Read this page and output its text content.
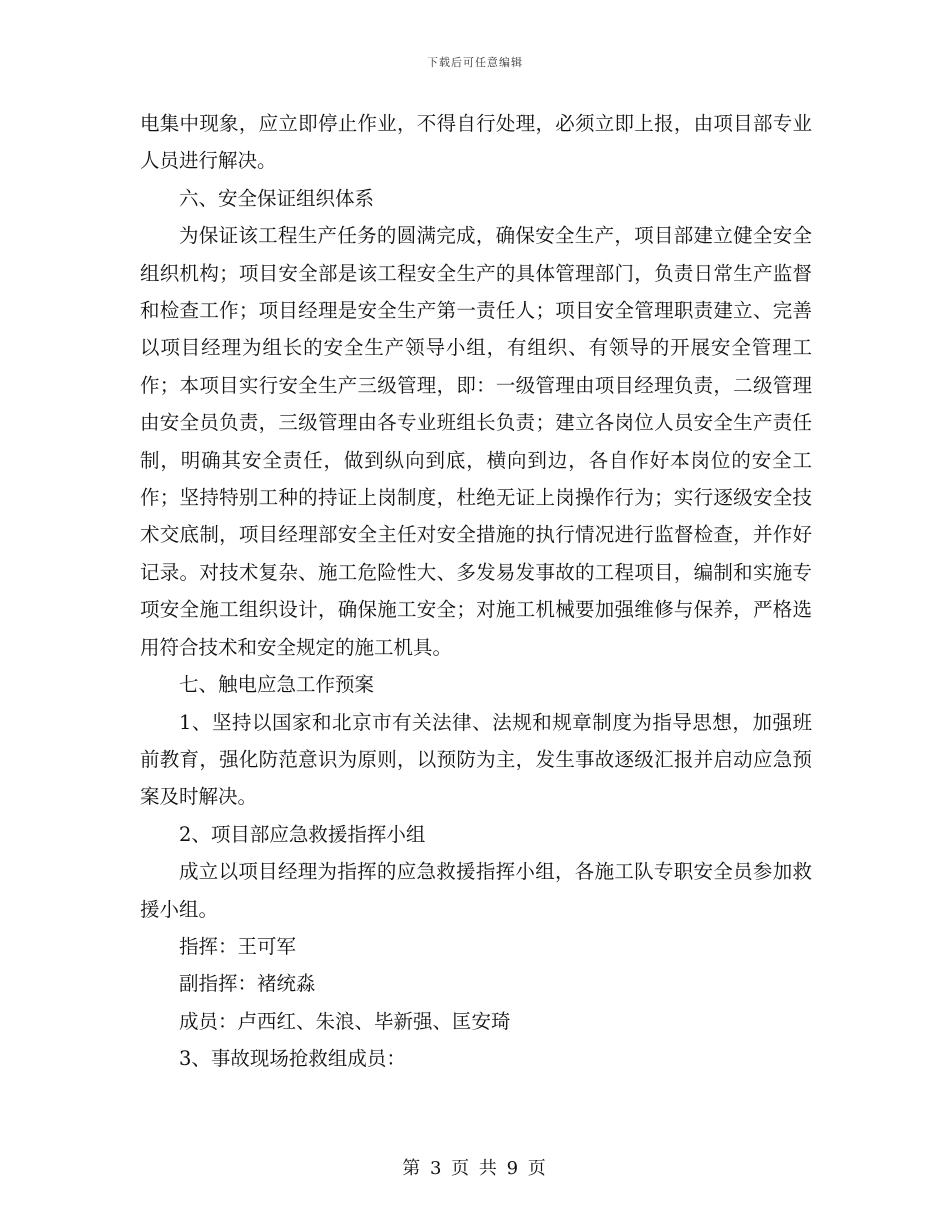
下载后可任意编辑

电集中现象，应立即停止作业，不得自行处理，必须立即上报，由项目部专业人员进行解决。

六、安全保证组织体系

为保证该工程生产任务的圆满完成，确保安全生产，项目部建立健全安全组织机构；项目安全部是该工程安全生产的具体管理部门，负责日常生产监督和检查工作；项目经理是安全生产第一责任人；项目安全管理职责建立、完善以项目经理为组长的安全生产领导小组，有组织、有领导的开展安全管理工作；本项目实行安全生产三级管理，即：一级管理由项目经理负责，二级管理由安全员负责，三级管理由各专业班组长负责；建立各岗位人员安全生产责任制，明确其安全责任，做到纵向到底，横向到边，各自作好本岗位的安全工作；坚持特别工种的持证上岗制度，杜绝无证上岗操作行为；实行逐级安全技术交底制，项目经理部安全主任对安全措施的执行情况进行监督检查，并作好记录。对技术复杂、施工危险性大、多发易发事故的工程项目，编制和实施专项安全施工组织设计，确保施工安全；对施工机械要加强维修与保养，严格选用符合技术和安全规定的施工机具。

七、触电应急工作预案

1、坚持以国家和北京市有关法律、法规和规章制度为指导思想，加强班前教育，强化防范意识为原则，以预防为主，发生事故逐级汇报并启动应急预案及时解决。

2、项目部应急救援指挥小组

成立以项目经理为指挥的应急救援指挥小组，各施工队专职安全员参加救援小组。

指挥：王可军

副指挥：褚统淼

成员：卢西红、朱浪、毕新强、匡安琦

3、事故现场抢救组成员：

第 3 页 共 9 页
